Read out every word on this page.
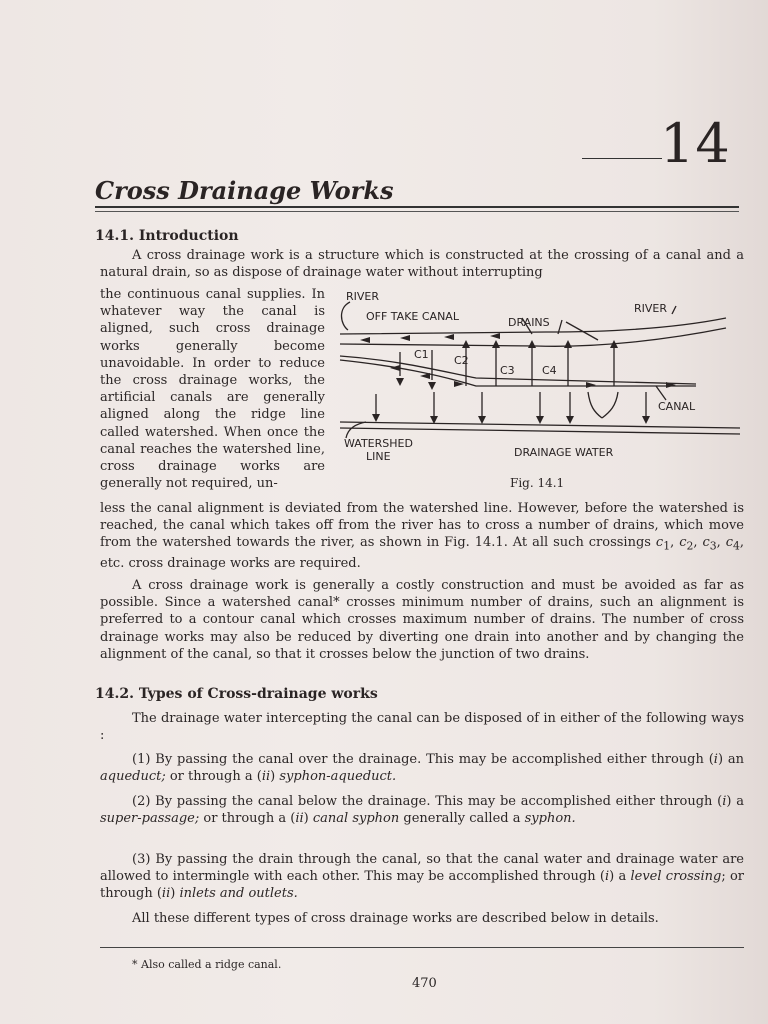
14
Cross Drainage Works
14.1. Introduction

A cross drainage work is a structure which is constructed at the crossing of a canal and a natural drain, so as dispose of drainage water without interrupting

the continuous canal supplies. In whatever way the canal is aligned, such cross drainage works generally become unavoidable. In order to reduce the cross drainage works, the artificial canals are generally aligned along the ridge line called watershed. When once the canal reaches the watershed line, cross drainage works are generally not required, un-

RIVER
OFF TAKE CANAL	DRAINS
RIVER
CANAL
WATERSHED
LINE	DRAINAGE WATER
C1 C2
C3 C4
Fig. 14.1

less the canal alignment is deviated from the watershed line. However, before the watershed is reached, the canal which takes off from the river has to cross a number of drains, which move from the watershed towards the river, as shown in Fig. 14.1. At all such crossings $c_1$, $c_2$, $c_3$, $c_4$, etc. cross drainage works are required.

A cross drainage work is generally a costly construction and must be avoided as far as possible. Since a watershed canal* crosses minimum number of drains, such an alignment is preferred to a contour canal which crosses maximum number of drains. The number of cross drainage works may also be reduced by diverting one drain into another and by changing the alignment of the canal, so that it crosses below the junction of two drains.

14.2. Types of Cross-drainage works

The drainage water intercepting the canal can be disposed of in either of the following ways :

(1) By passing the canal over the drainage. This may be accomplished either through (i) an aqueduct; or through a (ii) syphon-aqueduct.

(2) By passing the canal below the drainage. This may be accomplished either through (i) a super-passage; or through a (ii) canal syphon generally called a syphon.

(3) By passing the drain through the canal, so that the canal water and drainage water are allowed to intermingle with each other. This may be accomplished through (i) a level crossing; or through (ii) inlets and outlets.

All these different types of cross drainage works are described below in details.

* Also called a ridge canal.
470
